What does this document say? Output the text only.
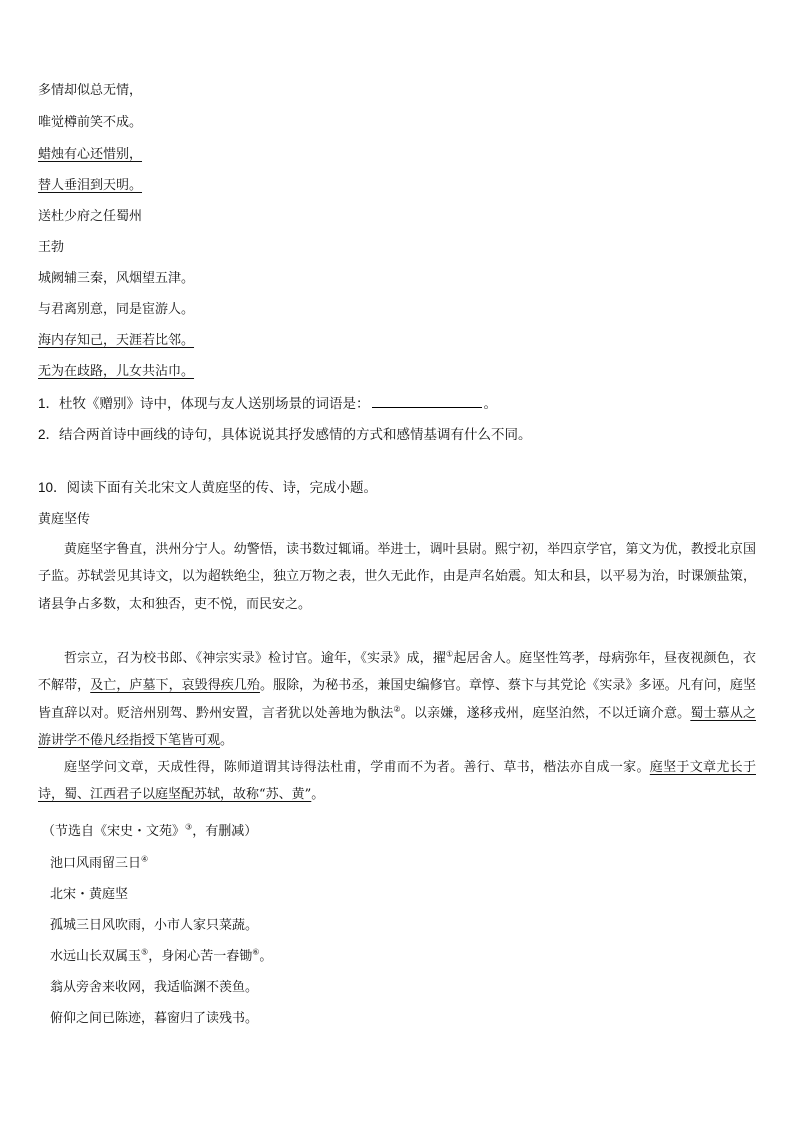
多情却似总无情，
唯觉樽前笑不成。
蜡烛有心还惜别，
替人垂泪到天明。
送杜少府之任蜀州
王勃
城阙辅三秦，风烟望五津。
与君离别意，同是宦游人。
海内存知己，天涯若比邻。
无为在歧路，儿女共沾巾。
1．杜牧《赠别》诗中，体现与友人送别场景的词语是：	。
2．结合两首诗中画线的诗句，具体说说其抒发感情的方式和感情基调有什么不同。
10．阅读下面有关北宋文人黄庭坚的传、诗，完成小题。
黄庭坚传
黄庭坚字鲁直，洪州分宁人。幼警悟，读书数过辄诵。举进士，调叶县尉。熙宁初，举四京学官，第文为优，教授北京国子监。苏轼尝见其诗文，以为超轶绝尘，独立万物之表，世久无此作，由是声名始震。知太和县，以平易为治，时课颁盐策，诸县争占多数，太和独否，吏不悦，而民安之。
哲宗立，召为校书郎、《神宗实录》检讨官。逾年，《实录》成，擢①起居舍人。庭坚性笃孝，母病弥年，昼夜视颜色，衣不解带，及亡，庐墓下，哀毁得疾几殆。服除，为秘书丞，兼国史编修官。章惇、蔡卞与其党论《实录》多诬。凡有问，庭坚皆直辞以对。贬涪州别驾、黔州安置，言者犹以处善地为骫法②。以亲嫌，遂移戎州，庭坚泊然，不以迁谪介意。蜀士慕从之游讲学不倦凡经指授下笔皆可观。
庭坚学问文章，天成性得，陈师道谓其诗得法杜甫，学甫而不为者。善行、草书，楷法亦自成一家。庭坚于文章尤长于诗，蜀、江西君子以庭坚配苏轼，故称“苏、黄”。
（节选自《宋史・文苑》③，有删减）
池口风雨留三日④
北宋・黄庭坚
孤城三日风吹雨，小市人家只菜蔬。
水远山长双属玉⑤，身闲心苦一舂锄⑥。
翁从旁舍来收网，我适临渊不羡鱼。
俯仰之间已陈迹，暮窗归了读残书。
